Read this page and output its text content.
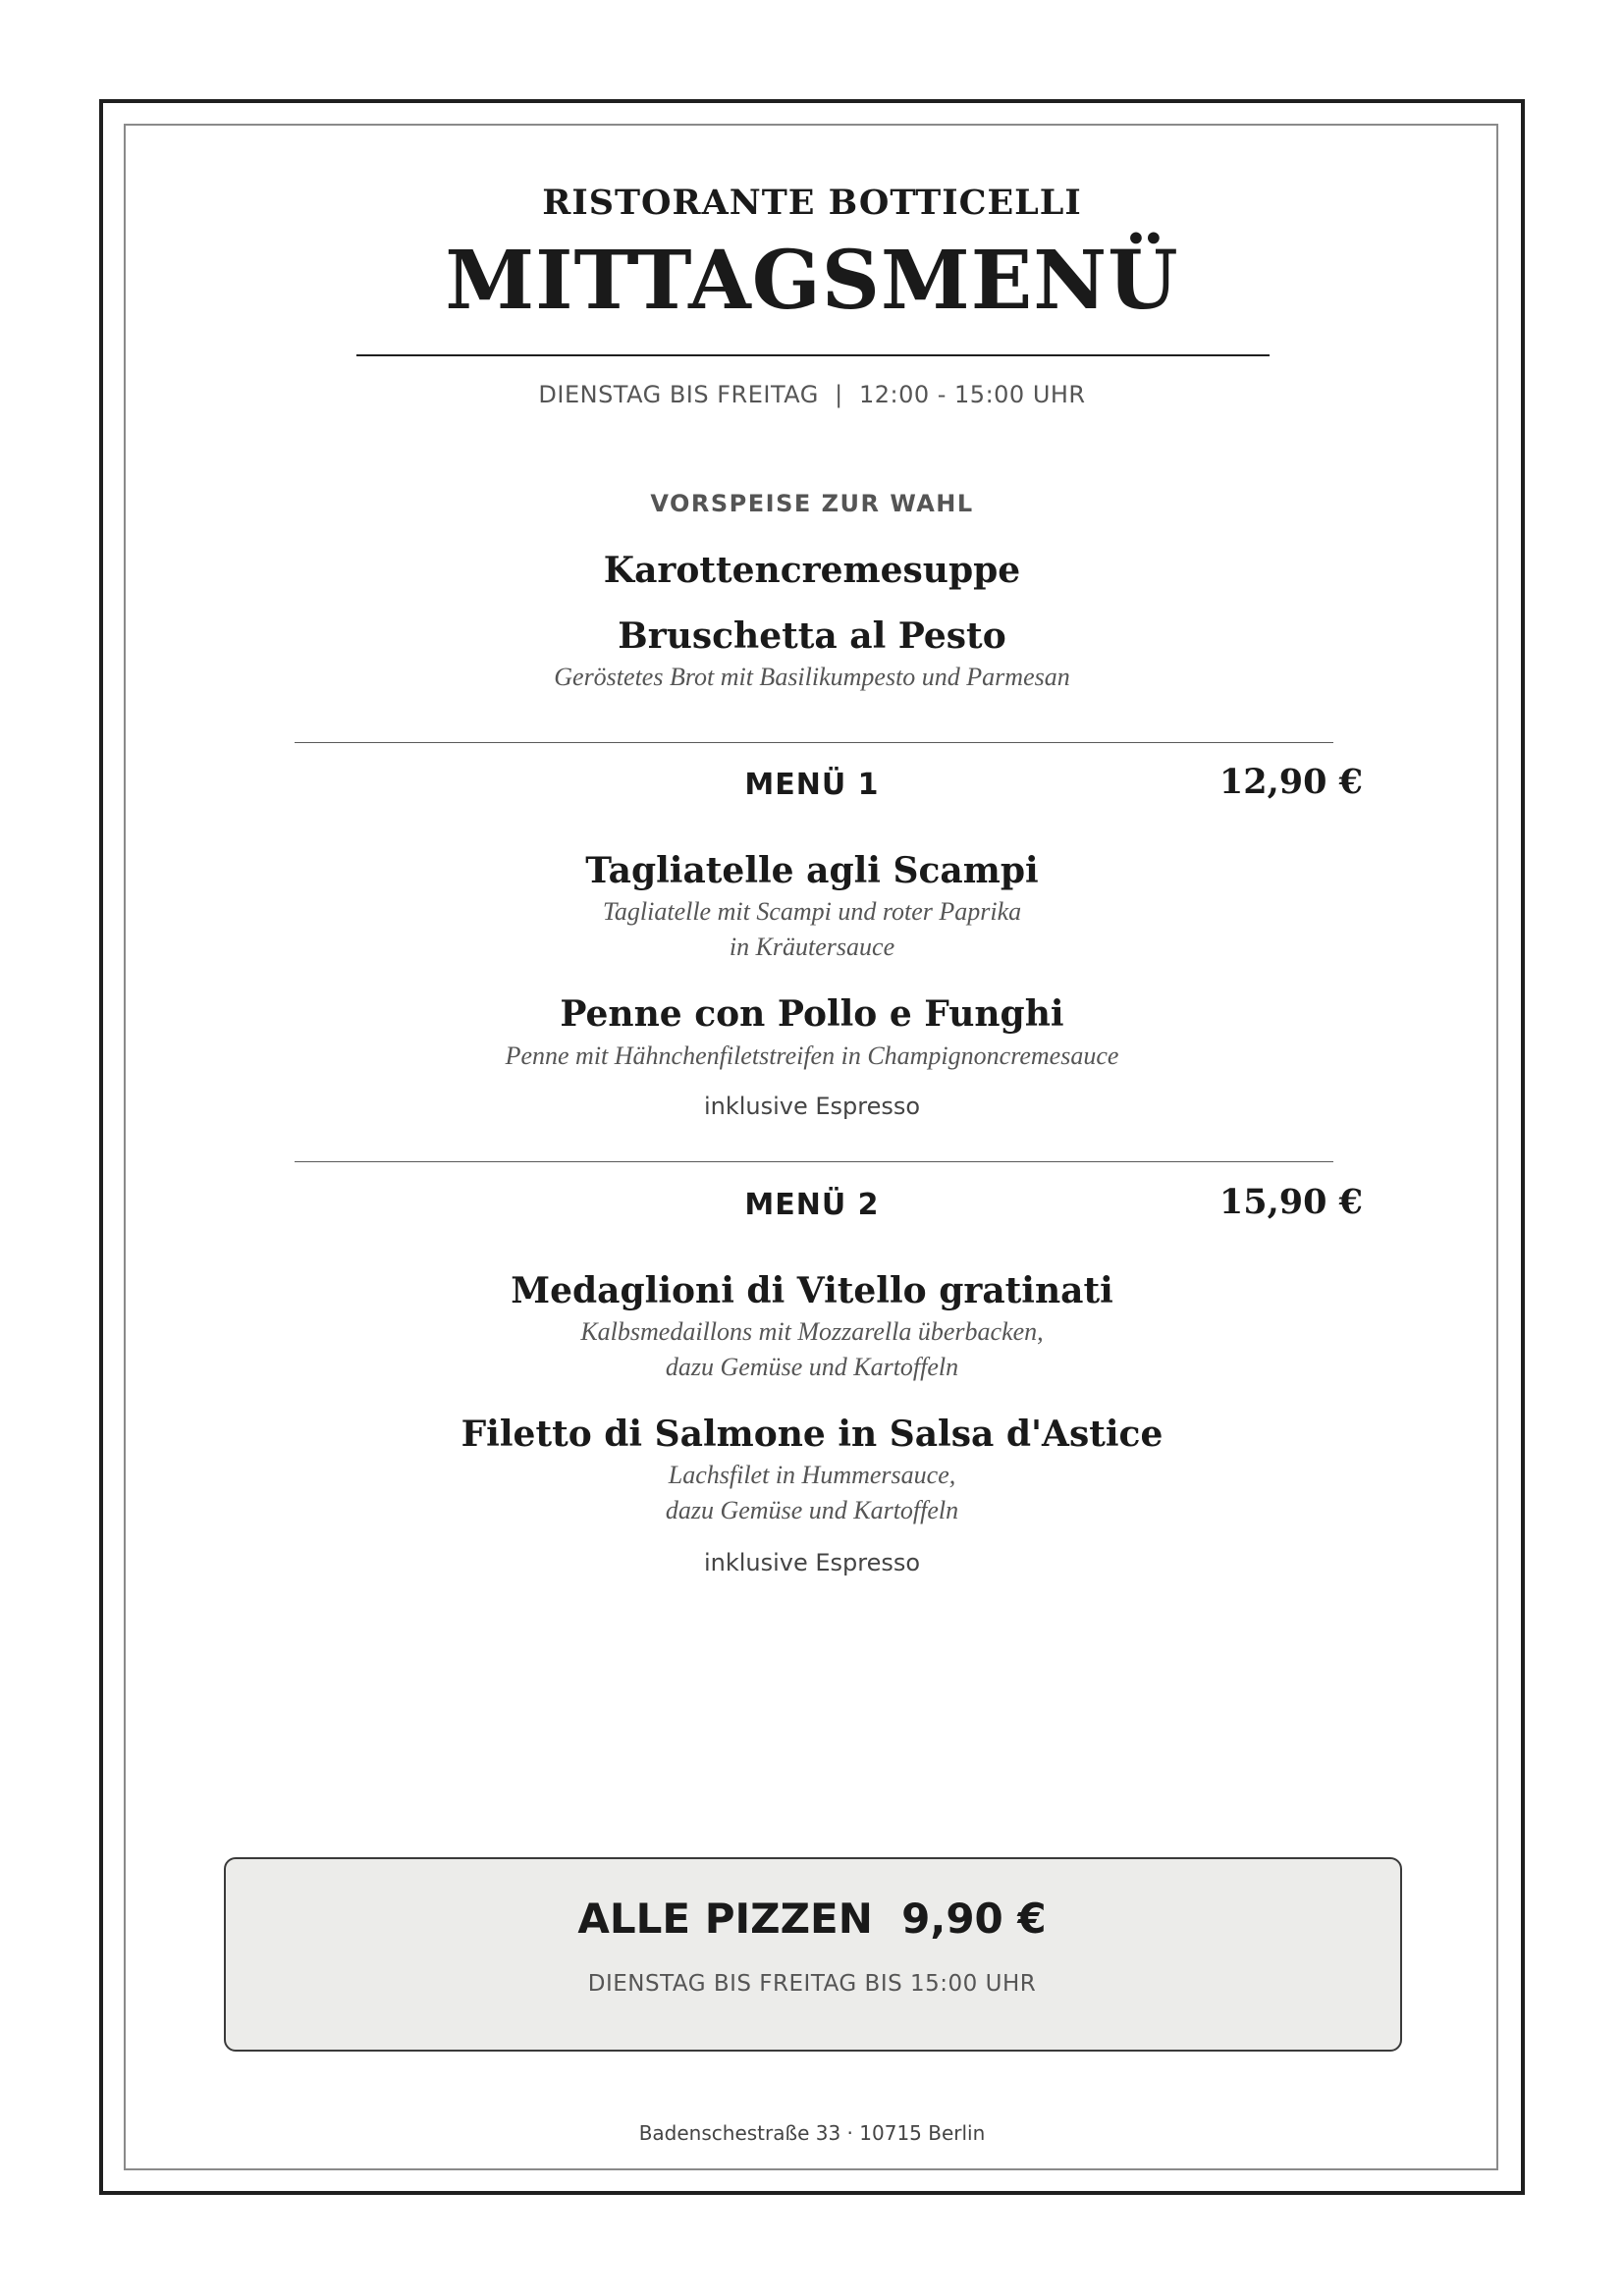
RISTORANTE BOTTICELLI
MITTAGSMENÜ
DIENSTAG BIS FREITAG  |  12:00 - 15:00 UHR
VORSPEISE ZUR WAHL
Karottencremesuppe
Bruschetta al Pesto
Geröstetes Brot mit Basilikumpesto und Parmesan
MENÜ 1	12,90 €
Tagliatelle agli Scampi
Tagliatelle mit Scampi und roter Paprika
in Kräutersauce
Penne con Pollo e Funghi
Penne mit Hähnchenfiletstreifen in Champignoncremesauce
inklusive Espresso
MENÜ 2	15,90 €
Medaglioni di Vitello gratinati
Kalbsmedaillons mit Mozzarella überbacken,
dazu Gemüse und Kartoffeln
Filetto di Salmone in Salsa d'Astice
Lachsfilet in Hummersauce,
dazu Gemüse und Kartoffeln
inklusive Espresso
ALLE PIZZEN  9,90 €
DIENSTAG BIS FREITAG BIS 15:00 UHR
Badenschestraße 33 · 10715 Berlin
